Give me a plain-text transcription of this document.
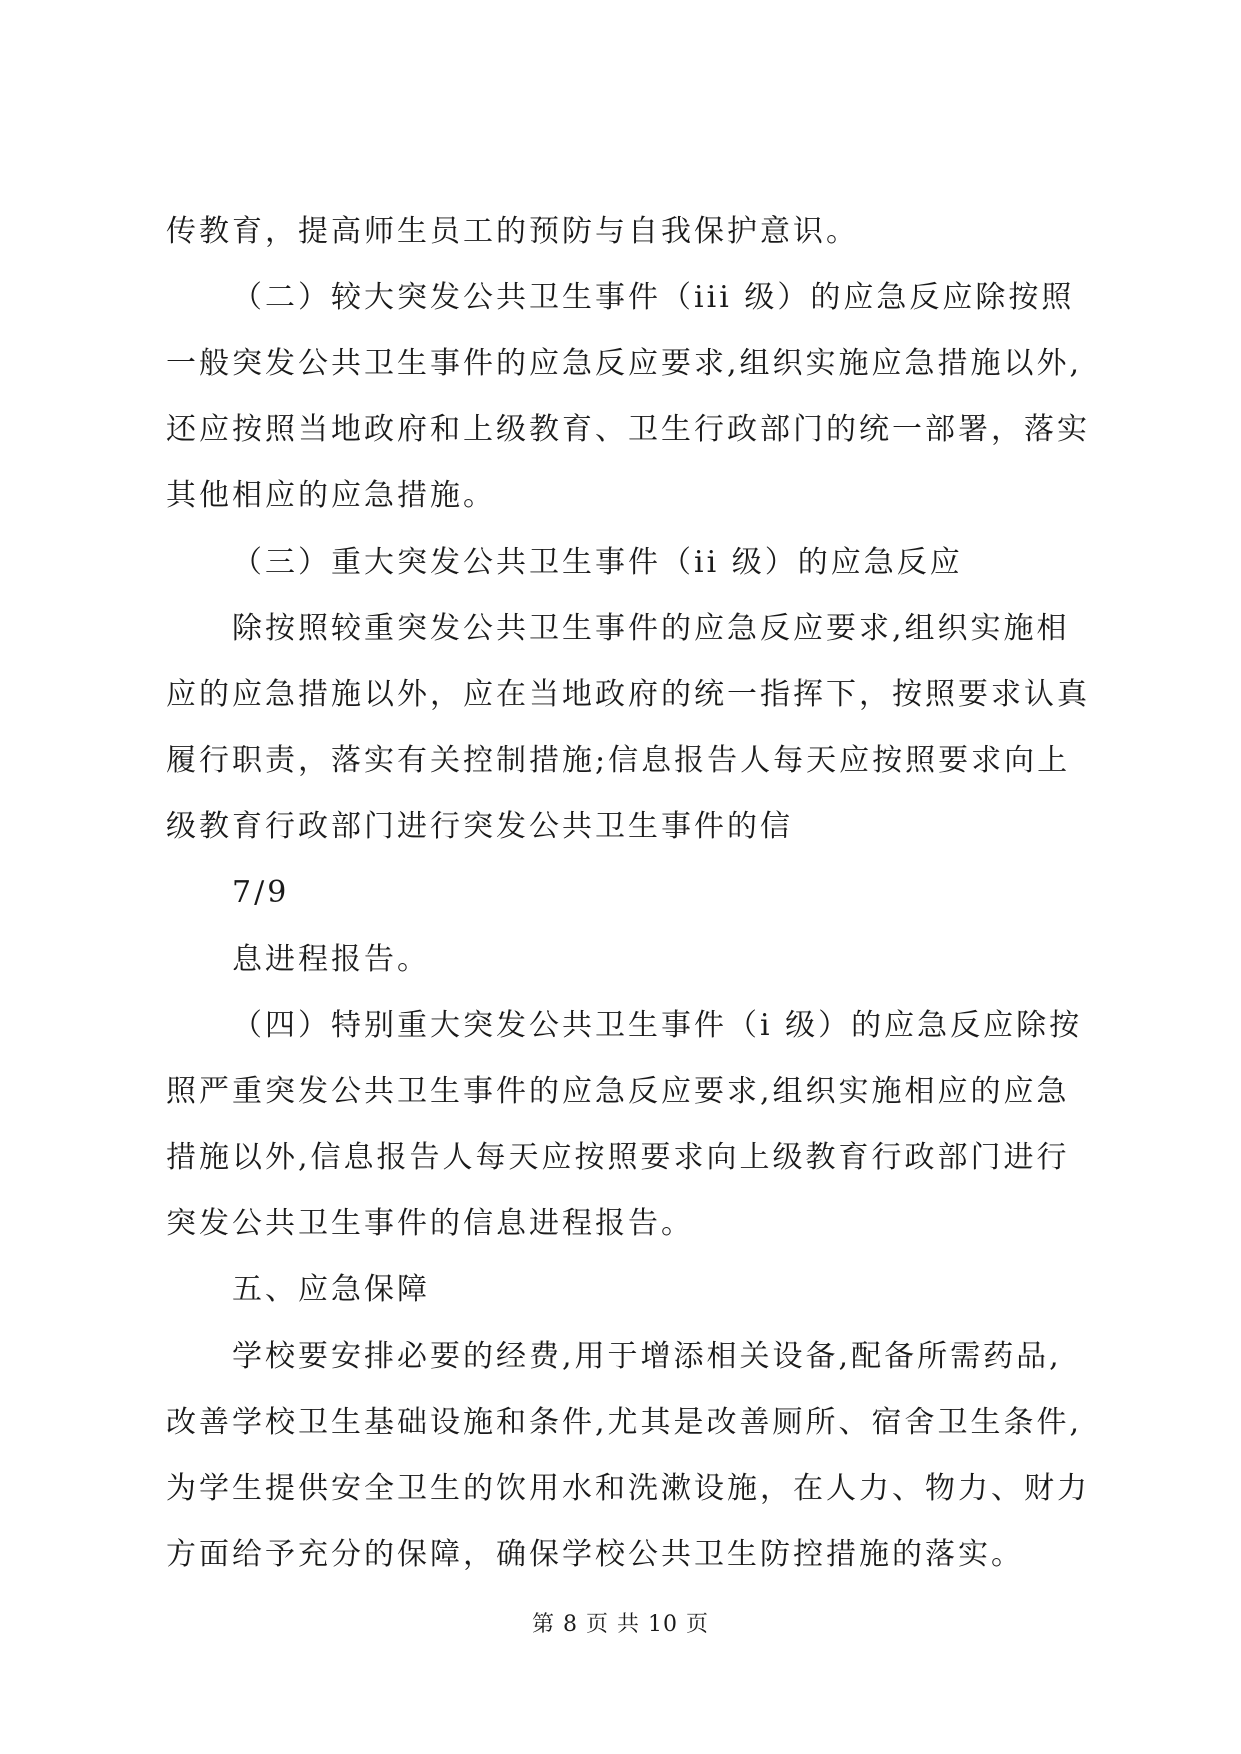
传教育，提高师生员工的预防与自我保护意识。
（二）较大突发公共卫生事件（iii 级）的应急反应除按照
一般突发公共卫生事件的应急反应要求,组织实施应急措施以外,
还应按照当地政府和上级教育、卫生行政部门的统一部署，落实
其他相应的应急措施。
（三）重大突发公共卫生事件（ii 级）的应急反应
除按照较重突发公共卫生事件的应急反应要求,组织实施相
应的应急措施以外，应在当地政府的统一指挥下，按照要求认真
履行职责，落实有关控制措施;信息报告人每天应按照要求向上
级教育行政部门进行突发公共卫生事件的信
7/9
息进程报告。
（四）特别重大突发公共卫生事件（i 级）的应急反应除按
照严重突发公共卫生事件的应急反应要求,组织实施相应的应急
措施以外,信息报告人每天应按照要求向上级教育行政部门进行
突发公共卫生事件的信息进程报告。
五、应急保障
学校要安排必要的经费,用于增添相关设备,配备所需药品,
改善学校卫生基础设施和条件,尤其是改善厕所、宿舍卫生条件,
为学生提供安全卫生的饮用水和洗漱设施，在人力、物力、财力
方面给予充分的保障，确保学校公共卫生防控措施的落实。
第 8 页 共 10 页
